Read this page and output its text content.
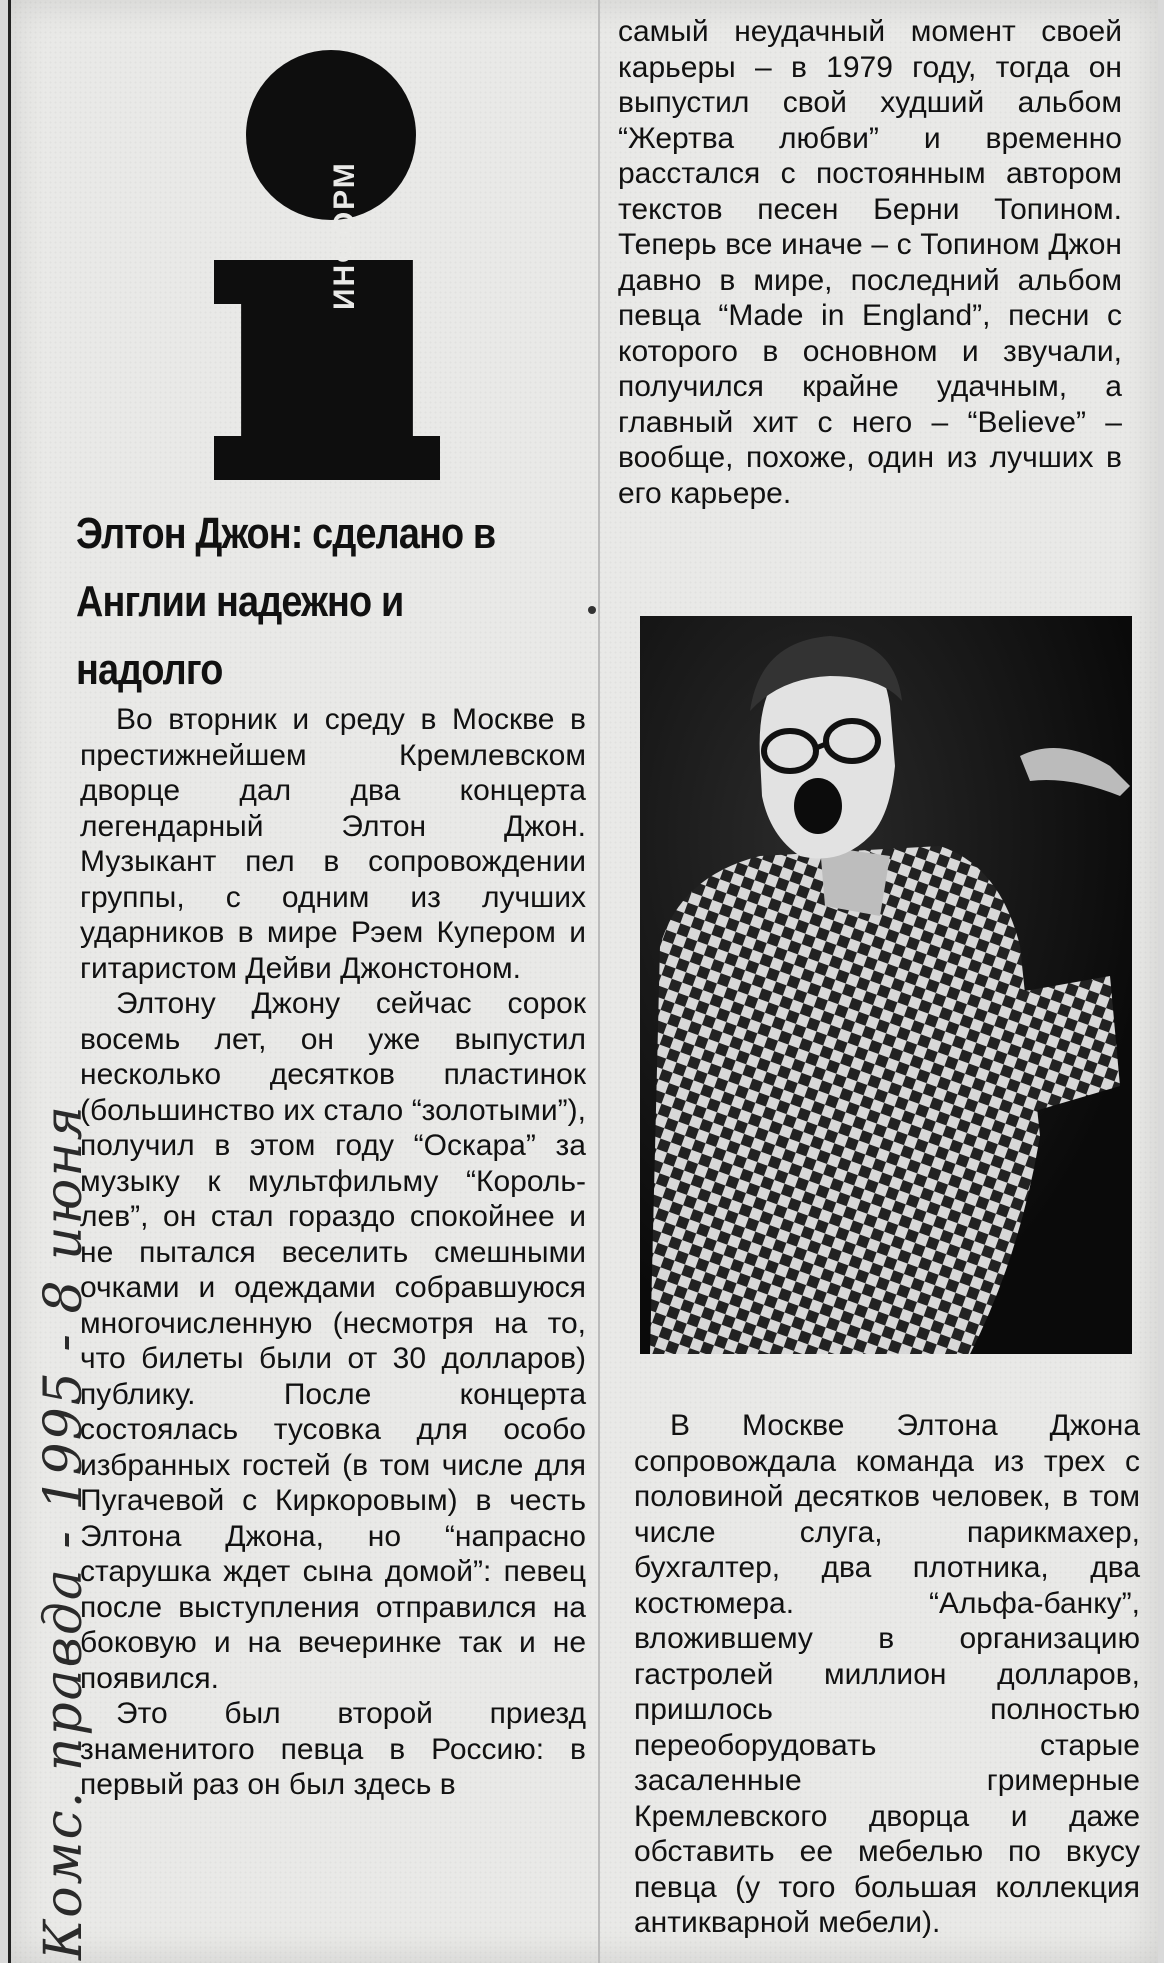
ИНФОРМ
Элтон Джон: сделано в Англии надежно и надолго

Во вторник и среду в Москве в престижнейшем Кремлевском дворце дал два концерта легендарный Элтон Джон. Музыкант пел в сопровождении группы, с одним из лучших ударников в мире Рэем Купером и гитаристом Дейви Джонстоном.

Элтону Джону сейчас сорок восемь лет, он уже выпустил несколько десятков пластинок (большинство их стало “золотыми”), получил в этом году “Оскара” за музыку к мультфильму “Король-лев”, он стал гораздо спокойнее и не пытался веселить смешными очками и одеждами собравшуюся многочисленную (несмотря на то, что билеты были от 30 долларов) публику. После концерта состоялась тусовка для особо избранных гостей (в том числе для Пугачевой с Киркоровым) в честь Элтона Джона, но “напрасно старушка ждет сына домой”: певец после выступления отправился на боковую и на вечеринке так и не появился.

Это был второй приезд знаменитого певца в Россию: в первый раз он был здесь в

самый неудачный момент своей карьеры – в 1979 году, тогда он выпустил свой худший альбом “Жертва любви” и временно расстался с постоянным автором текстов песен Берни Топином. Теперь все иначе – с Топином Джон давно в мире, последний альбом певца “Made in England”, песни с которого в основном и звучали, получился крайне удачным, а главный хит с него – “Believe” – вообще, похоже, один из лучших в его карьере.

В Москве Элтона Джона сопровождала команда из трех с половиной десятков человек, в том числе слуга, парикмахер, бухгалтер, два плотника, два костюмера. “Альфа-банку”, вложившему в организацию гастролей миллион долларов, пришлось полностью переоборудовать старые засаленные гримерные Кремлевского дворца и даже обставить ее мебелью по вкусу певца (у того большая коллекция антикварной мебели).

Комс. правда - 1995 - 8 июня
